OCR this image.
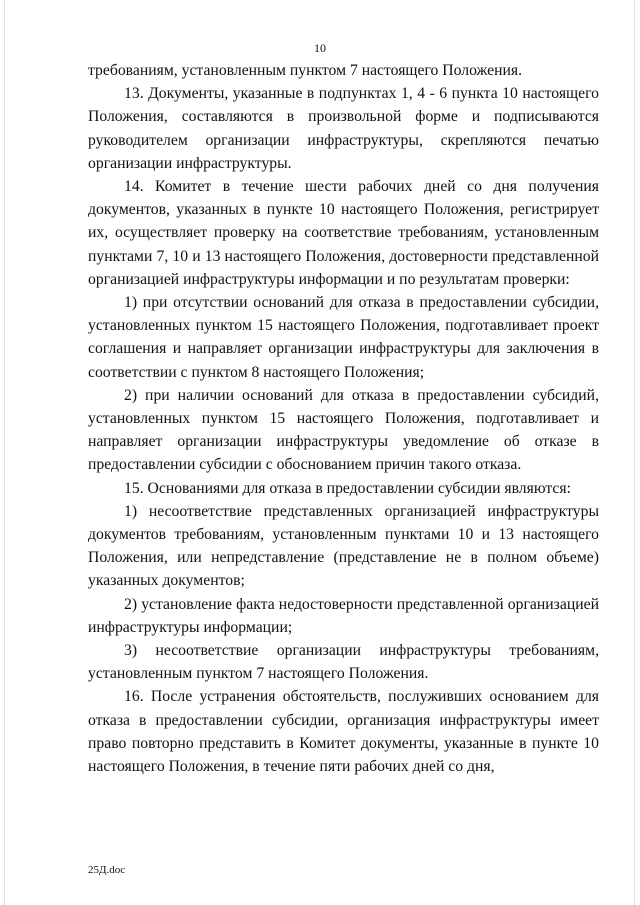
10

требованиям, установленным пунктом 7 настоящего Положения.

13. Документы, указанные в подпунктах 1, 4 - 6 пункта 10 настоящего Положения, составляются в произвольной форме и подписываются руководителем организации инфраструктуры, скрепляются печатью организации инфраструктуры.

14. Комитет в течение шести рабочих дней со дня получения документов, указанных в пункте 10 настоящего Положения, регистрирует их, осуществляет проверку на соответствие требованиям, установленным пунктами 7, 10 и 13 настоящего Положения, достоверности представленной организацией инфраструктуры информации и по результатам проверки:

1) при отсутствии оснований для отказа в предоставлении субсидии, установленных пунктом 15 настоящего Положения, подготавливает проект соглашения и направляет организации инфраструктуры для заключения в соответствии с пунктом 8 настоящего Положения;

2) при наличии оснований для отказа в предоставлении субсидий, установленных пунктом 15 настоящего Положения, подготавливает и направляет организации инфраструктуры уведомление об отказе в предоставлении субсидии с обоснованием причин такого отказа.

15. Основаниями для отказа в предоставлении субсидии являются:

1) несоответствие представленных организацией инфраструктуры документов требованиям, установленным пунктами 10 и 13 настоящего Положения, или непредставление (представление не в полном объеме) указанных документов;

2) установление факта недостоверности представленной организацией инфраструктуры информации;

3) несоответствие организации инфраструктуры требованиям, установленным пунктом 7 настоящего Положения.

16. После устранения обстоятельств, послуживших основанием для отказа в предоставлении субсидии, организация инфраструктуры имеет право повторно представить в Комитет документы, указанные в пункте 10 настоящего Положения, в течение пяти рабочих дней со дня,

25Д.doc
